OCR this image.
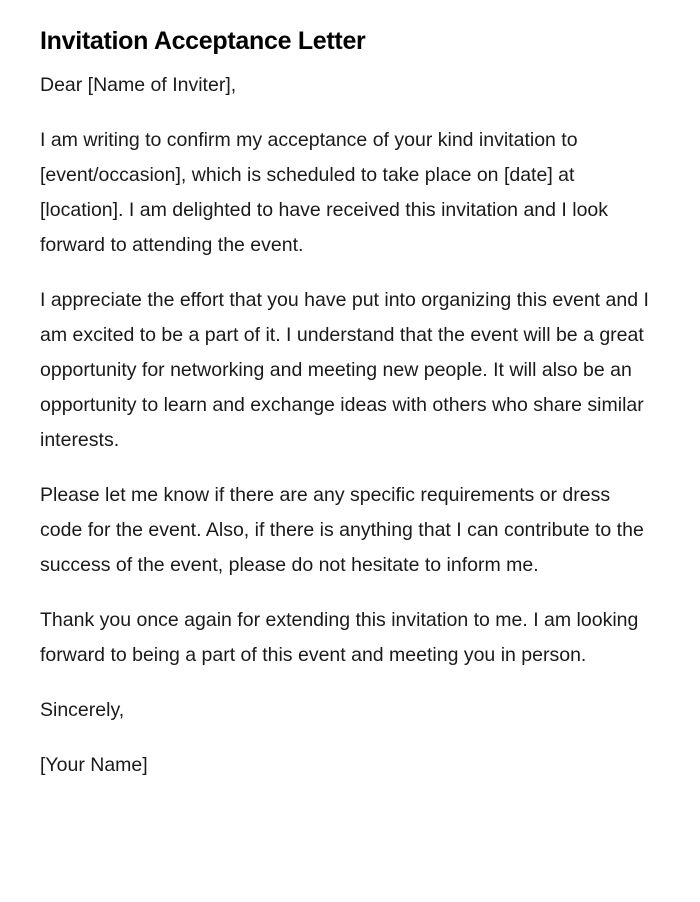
Invitation Acceptance Letter

Dear [Name of Inviter],

I am writing to confirm my acceptance of your kind invitation to [event/occasion], which is scheduled to take place on [date] at [location]. I am delighted to have received this invitation and I look forward to attending the event.

I appreciate the effort that you have put into organizing this event and I am excited to be a part of it. I understand that the event will be a great opportunity for networking and meeting new people. It will also be an opportunity to learn and exchange ideas with others who share similar interests.

Please let me know if there are any specific requirements or dress code for the event. Also, if there is anything that I can contribute to the success of the event, please do not hesitate to inform me.

Thank you once again for extending this invitation to me. I am looking forward to being a part of this event and meeting you in person.

Sincerely,

[Your Name]
